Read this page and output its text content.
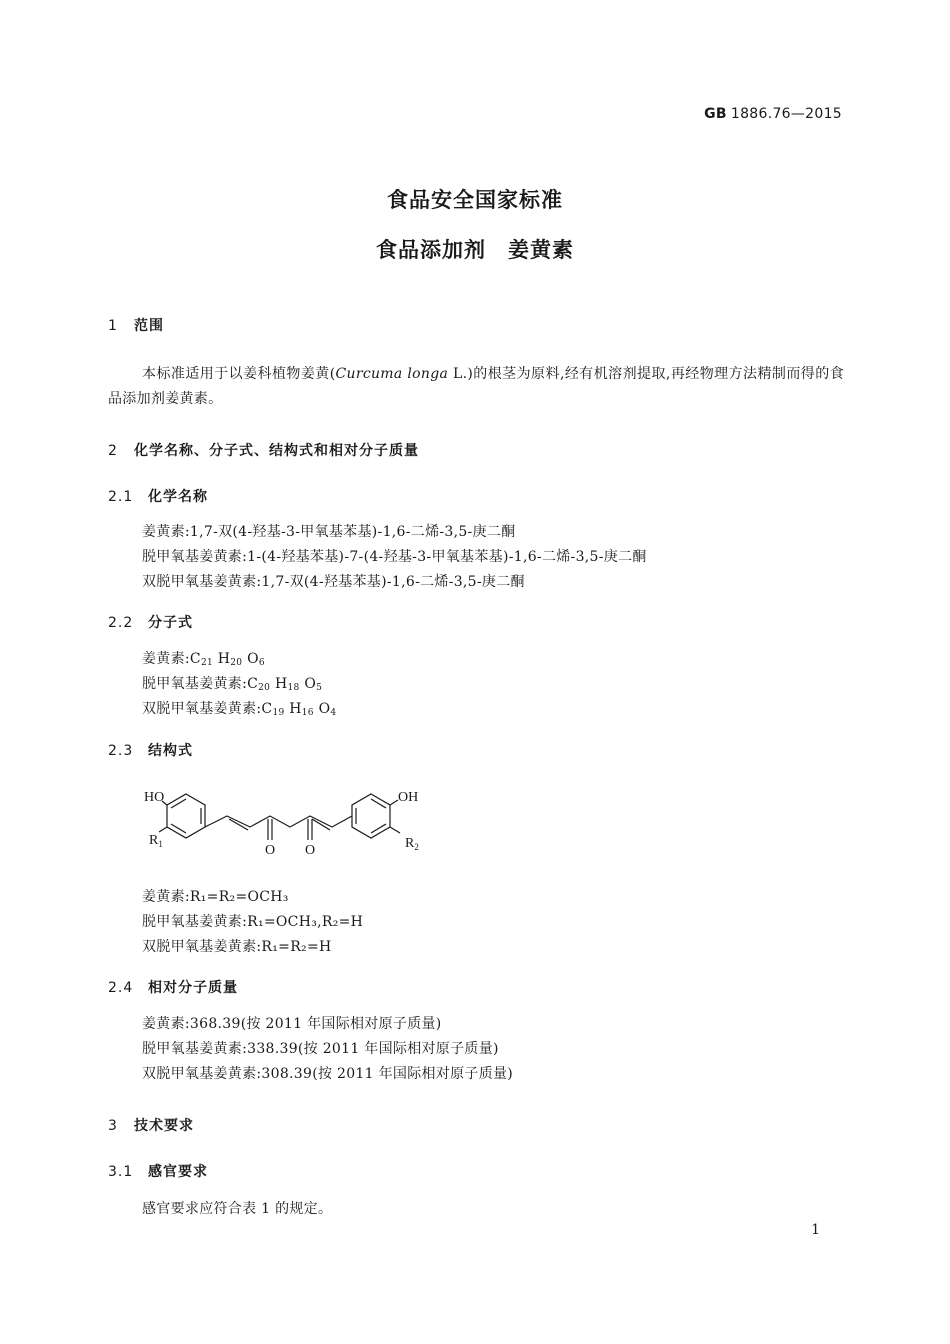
GB 1886.76—2015
食品安全国家标准
食品添加剂　姜黄素
1 范围
本标准适用于以姜科植物姜黄(Curcuma longa L.)的根茎为原料,经有机溶剂提取,再经物理方法精制而得的食品添加剂姜黄素。
2 化学名称、分子式、结构式和相对分子质量
2.1 化学名称
姜黄素:1,7-双(4-羟基-3-甲氧基苯基)-1,6-二烯-3,5-庚二酮
脱甲氧基姜黄素:1-(4-羟基苯基)-7-(4-羟基-3-甲氧基苯基)-1,6-二烯-3,5-庚二酮
双脱甲氧基姜黄素:1,7-双(4-羟基苯基)-1,6-二烯-3,5-庚二酮
2.2 分子式
姜黄素$:C_{21}$ $H_{20}$ $O_6$
脱甲氧基姜黄素$:C_{20}$ $H_{18}$ $O_5$
双脱甲氧基姜黄素$:C_{19}$ $H_{16}$ $O_4$
2.3 结构式
HO	OH
$R_1$	$R_2$
O O
姜黄素:R₁=R₂=OCH₃
脱甲氧基姜黄素:R₁=OCH₃,R₂=H
双脱甲氧基姜黄素:R₁=R₂=H
2.4 相对分子质量
姜黄素:368.39(按 2011 年国际相对原子质量)
脱甲氧基姜黄素:338.39(按 2011 年国际相对原子质量)
双脱甲氧基姜黄素:308.39(按 2011 年国际相对原子质量)
3 技术要求
3.1 感官要求
感官要求应符合表 1 的规定。
1
